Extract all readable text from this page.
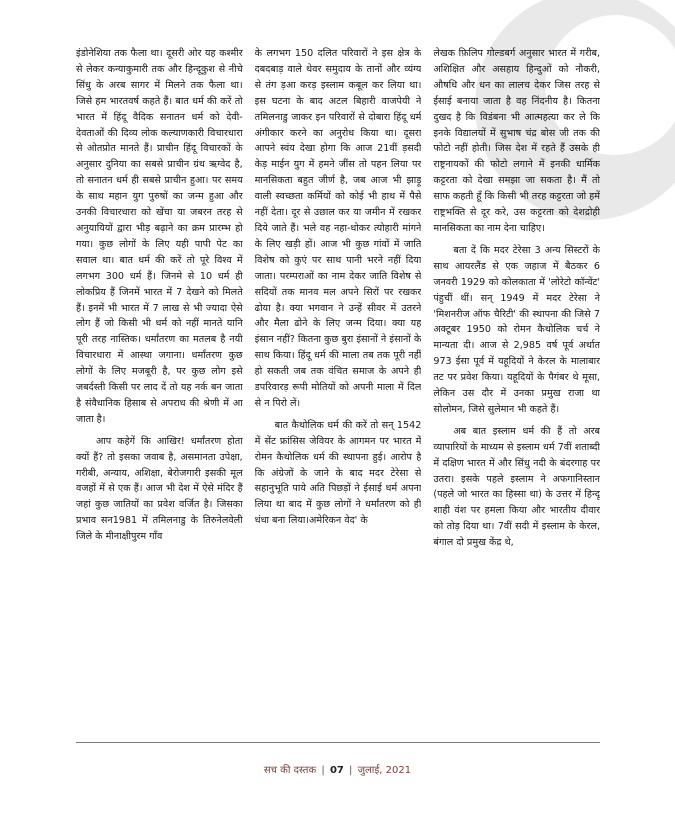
इंडोनेशिया तक फैला था। दूसरी ओर यह कश्मीर से लेकर कन्याकुमारी तक और हिन्दूकुश से नीचे सिंधु के अरब सागर में मिलने तक फैला था। जिसे हम भारतवर्ष कहते हैं। बात धर्म की करें तो भारत में हिंदू वैदिक सनातन धर्म को देवी-देवताओं की दिव्य लोक कल्याणकारी विचारधारा से ओतप्रोत मानते हैं। प्राचीन हिंदू विचारकों के अनुसार दुनिया का सबसे प्राचीन ग्रंथ ऋग्वेद है, तो सनातन धर्म ही सबसे प्राचीन हुआ। पर समय के साथ महान युग पुरुषों का जन्म हुआ और उनकी विचारधारा को खेंचा या जबरन तरह से अनुयायियों द्वारा भीड़ बढ़ाने का क्रम प्रारम्भ हो गया। कुछ लोगों के लिए यही पापी पेट का सवाल था। बात धर्म की करें तो पूरे विश्व में लगभग 300 धर्म हैं। जिनमे से 10 धर्म ही लोकप्रिय हैं जिनमें भारत में 7 देखने को मिलते हैं। इनमें भी भारत में 7 लाख से भी ज्यादा ऐसे लोग हैं जो किसी भी धर्म को नहीं मानते यानि पूरी तरह नास्तिक। धर्मांतरण का मतलब है नयी विचारधारा में आस्था जगाना। धर्मांतरण कुछ लोगों के लिए मजबूरी है, पर कुछ लोग इसे जबर्दस्ती किसी पर लाद दें तो यह नर्क बन जाता है संवैधानिक हिसाब से अपराध की श्रेणी में आ जाता है।

आप कहेगें कि आखिर! धर्मांतरण होता क्यों हैं? तो इसका जवाब है, असमानता उपेक्षा, गरीबी, अन्याय, अशिक्षा, बेरोजगारी इसकी मूल वजहों में से एक हैं। आज भी देश में ऐसे मंदिर हैं जहां कुछ जातियों का प्रवेश वर्जित है। जिसका प्रभाव सन1981 में तमिलनाडु के तिरुनेलवेली जिले के मीनाक्षीपुरम गाँव

के लगभग 150 दलित परिवारों ने इस क्षेत्र के दबदबाड़ वाले थेवर समुदाय के तानों और व्यंग्य से तंग ड़आ करड़ इस्लाम कबूल कर लिया था। इस घटना के बाद अटल बिहारी वाजपेयी ने तमिलनाडु जाकर इन परिवारों से दोबारा हिंदू धर्म अंगीकार करने का अनुरोध किया था। दूसरा आपने स्वंय देखा होगा कि आज 21वीं ड़सदी केड़ माईन युग में हमने जींस तो पहन लिया पर मानसिकता बहुत जीर्ण है, जब आज भी झाड़ू वाली स्वच्छता कर्मियों को कोई भी हाथ में पैसे नहीं देता। दूर से उछाल कर या जमीन में रखकर दिये जाते हैं। भले वह नहा-धोकर त्योहारी मांगने के लिए खड़ी हों। आज भी कुछ गांवों में जाति विशेष को कुएं पर साथ पानी भरने नहीं दिया जाता। परम्पराओं का नाम देकर जाति विशेष से सदियों तक मानव मल अपने सिरों पर रखकर ढोया है। क्या भगवान ने उन्हें सीवर में उतरने और मैला ढोने के लिए जन्म दिया। क्या यह इंसान नहीं? कितना कुछ बुरा इंसानों ने इंसानों के साथ किया। हिंदू धर्म की माला तब तक पूरी नहीं हो सकती जब तक वंचित समाज के अपने ही डपरिवारड़ रूपी मोतियों को अपनी माला में दिल से न पिरो लें।

बात कैथोलिक धर्म की करें तो सन् 1542 में सेंट फ्रांसिस जेवियर के आगमन पर भारत में रोमन कैथोलिक धर्म की स्थापना हुई। आरोप है कि अंग्रेजों के जाने के बाद मदर टेरेसा से सहानुभूति पाये अति पिछड़ों ने ईसाई धर्म अपना लिया था बाद में कुछ लोगों ने धर्मांतरण को ही धंधा बना लिया।अमेरिकन वेद' के

लेखक फ़िलिप गोल्डबर्ग अनुसार भारत में गरीब, अशिक्षित और असहाय हिन्दुओं को नौकरी, औषधि और धन का लालच देकर जिस तरह से ईसाई बनाया जाता है वह निंदनीय है। कितना दुखद है कि विडंबना भी आत्महत्या कर ले कि इनके विद्यालयों में सुभाष चंद्र बोस जी तक की फोटो नहीं होती। जिस देश में रहते हैं उसके ही राष्ट्रनायकों की फोटो लगाने में इनकी धार्मिक कट्टरता को देखा समझा जा सकता है। मैं तो साफ कहती हूँ कि किसी भी तरह कट्टरता जो हमें राष्ट्रभक्ति से दूर करे, उस कट्टरता को देशद्रोही मानसिकता का नाम देना चाहिए।

बता दें कि मदर टेरेसा 3 अन्य सिस्टरों के साथ आयरलैंड से एक जहाज में बैठकर 6 जनवरी 1929 को कोलकाता में 'लोरेटो कॉन्वेंट' पंहुचीं थीं। सन् 1949 में मदर टेरेसा ने 'मिशनरीज ऑफ चैरिटी' की स्थापना की जिसे 7 अक्टूबर 1950 को रोमन कैथोलिक चर्च ने मान्यता दी। आज से 2,985 वर्ष पूर्व अर्थात 973 ईसा पूर्व में यहूदियों ने केरल के मालाबार तट पर प्रवेश किया। यहूदियों के पैगंबर थे मूसा, लेकिन उस दौर में उनका प्रमुख राजा था सोलोमन, जिसे सुलेमान भी कहते हैं।

अब बात इस्लाम धर्म की हैं तो अरब व्यापारियों के माध्यम से इस्लाम धर्म 7वीं शताब्दी में दक्षिण भारत में और सिंधु नदी के बंदरगाह पर उतरा। इसके पहले इस्लाम ने अफगानिस्तान (पहले जो भारत का हिस्सा था) के उत्तर में हिन्दू शाही वंश पर हमला किया और भारतीय दीवार को तोड़ दिया था। 7वीं सदी में इस्लाम के केरल, बंगाल दो प्रमुख केंद्र थे,

सच की दस्तक | 07 | जुलाई, 2021
